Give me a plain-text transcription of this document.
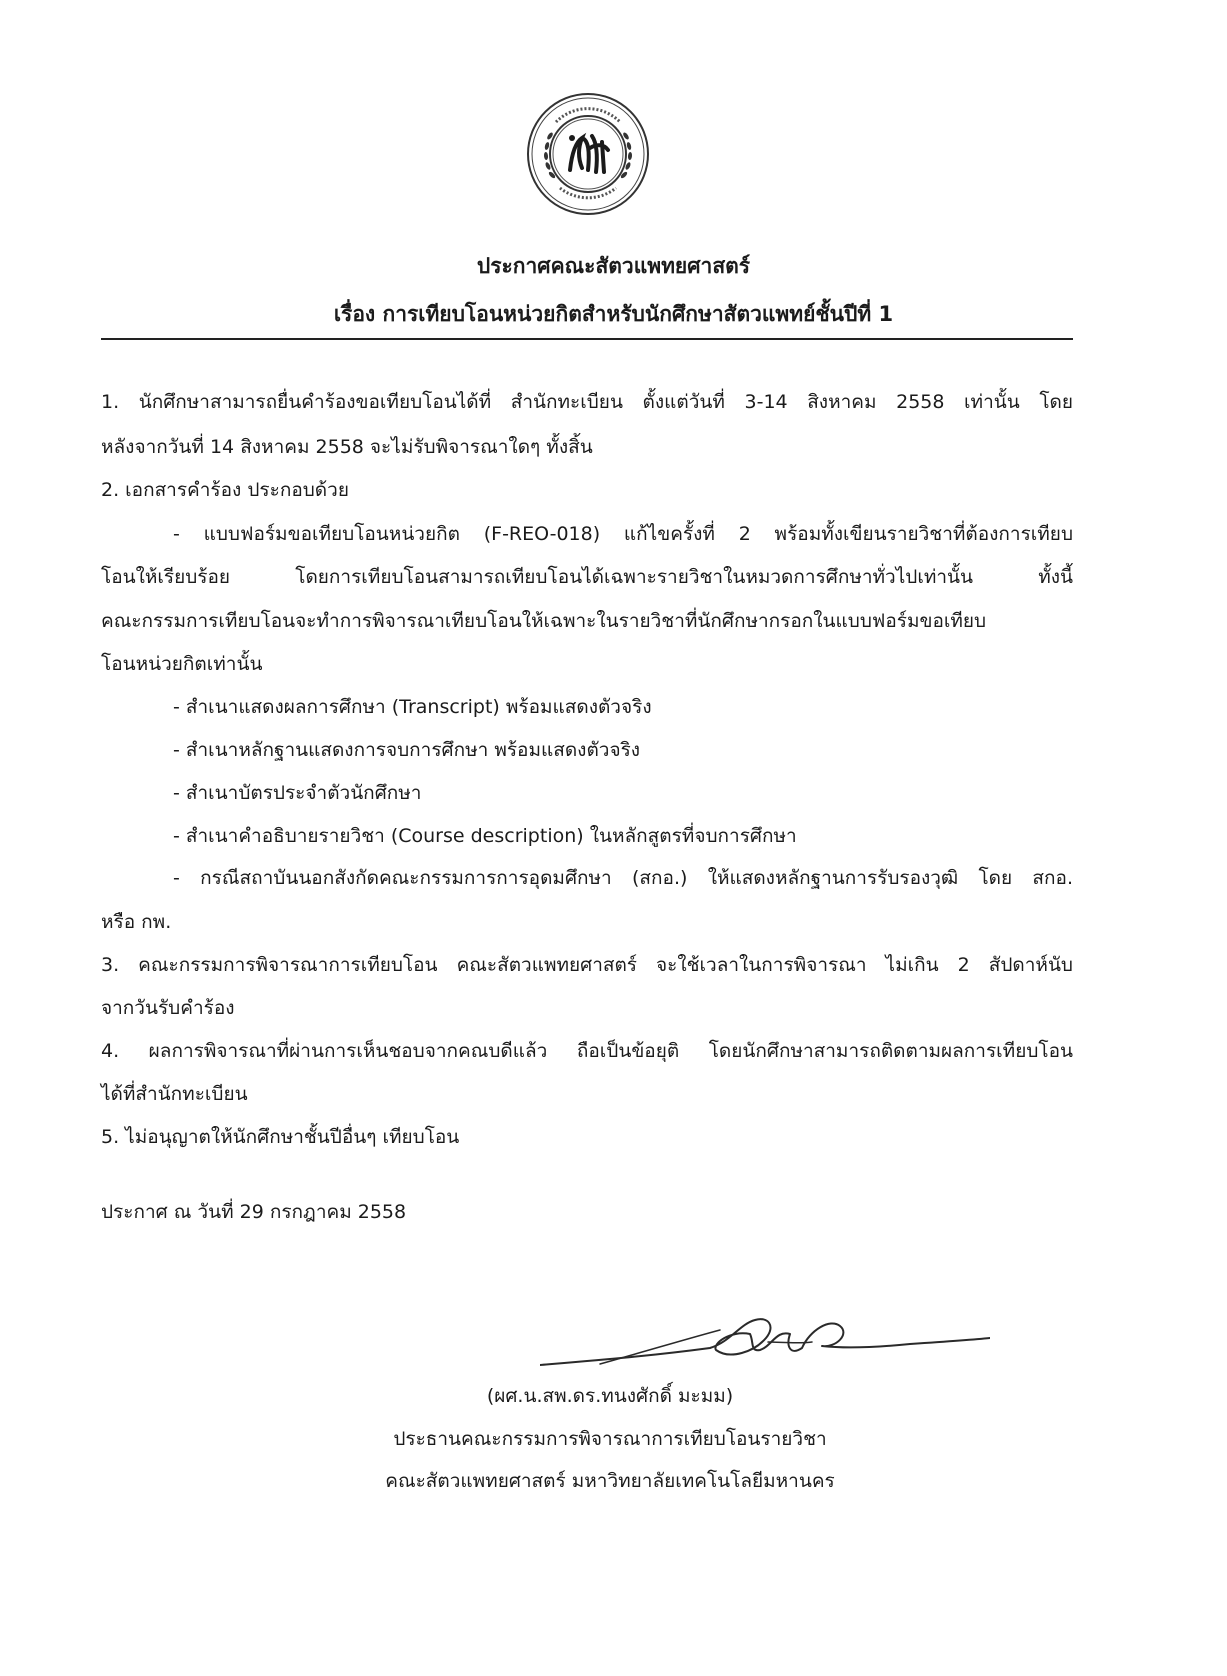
ประกาศคณะสัตวแพทยศาสตร์
เรื่อง การเทียบโอนหน่วยกิตสำหรับนักศึกษาสัตวแพทย์ชั้นปีที่ 1
1. นักศึกษาสามารถยื่นคำร้องขอเทียบโอนได้ที่ สำนักทะเบียน ตั้งแต่วันที่ 3-14 สิงหาคม 2558 เท่านั้น โดย
หลังจากวันที่ 14 สิงหาคม 2558 จะไม่รับพิจารณาใดๆ ทั้งสิ้น
2. เอกสารคำร้อง ประกอบด้วย
- แบบฟอร์มขอเทียบโอนหน่วยกิต (F-REO-018) แก้ไขครั้งที่ 2 พร้อมทั้งเขียนรายวิชาที่ต้องการเทียบ
โอนให้เรียบร้อย โดยการเทียบโอนสามารถเทียบโอนได้เฉพาะรายวิชาในหมวดการศึกษาทั่วไปเท่านั้น ทั้งนี้
คณะกรรมการเทียบโอนจะทำการพิจารณาเทียบโอนให้เฉพาะในรายวิชาที่นักศึกษากรอกในแบบฟอร์มขอเทียบ
โอนหน่วยกิตเท่านั้น
- สำเนาแสดงผลการศึกษา (Transcript) พร้อมแสดงตัวจริง
- สำเนาหลักฐานแสดงการจบการศึกษา พร้อมแสดงตัวจริง
- สำเนาบัตรประจำตัวนักศึกษา
- สำเนาคำอธิบายรายวิชา (Course description) ในหลักสูตรที่จบการศึกษา
- กรณีสถาบันนอกสังกัดคณะกรรมการการอุดมศึกษา (สกอ.) ให้แสดงหลักฐานการรับรองวุฒิ โดย สกอ.
หรือ กพ.
3. คณะกรรมการพิจารณาการเทียบโอน คณะสัตวแพทยศาสตร์ จะใช้เวลาในการพิจารณา ไม่เกิน 2 สัปดาห์นับ
จากวันรับคำร้อง
4. ผลการพิจารณาที่ผ่านการเห็นชอบจากคณบดีแล้ว ถือเป็นข้อยุติ โดยนักศึกษาสามารถติดตามผลการเทียบโอน
ได้ที่สำนักทะเบียน
5. ไม่อนุญาตให้นักศึกษาชั้นปีอื่นๆ เทียบโอน
ประกาศ ณ วันที่ 29 กรกฎาคม 2558
(ผศ.น.สพ.ดร.ทนงศักดิ์ มะมม)
ประธานคณะกรรมการพิจารณาการเทียบโอนรายวิชา
คณะสัตวแพทยศาสตร์ มหาวิทยาลัยเทคโนโลยีมหานคร
